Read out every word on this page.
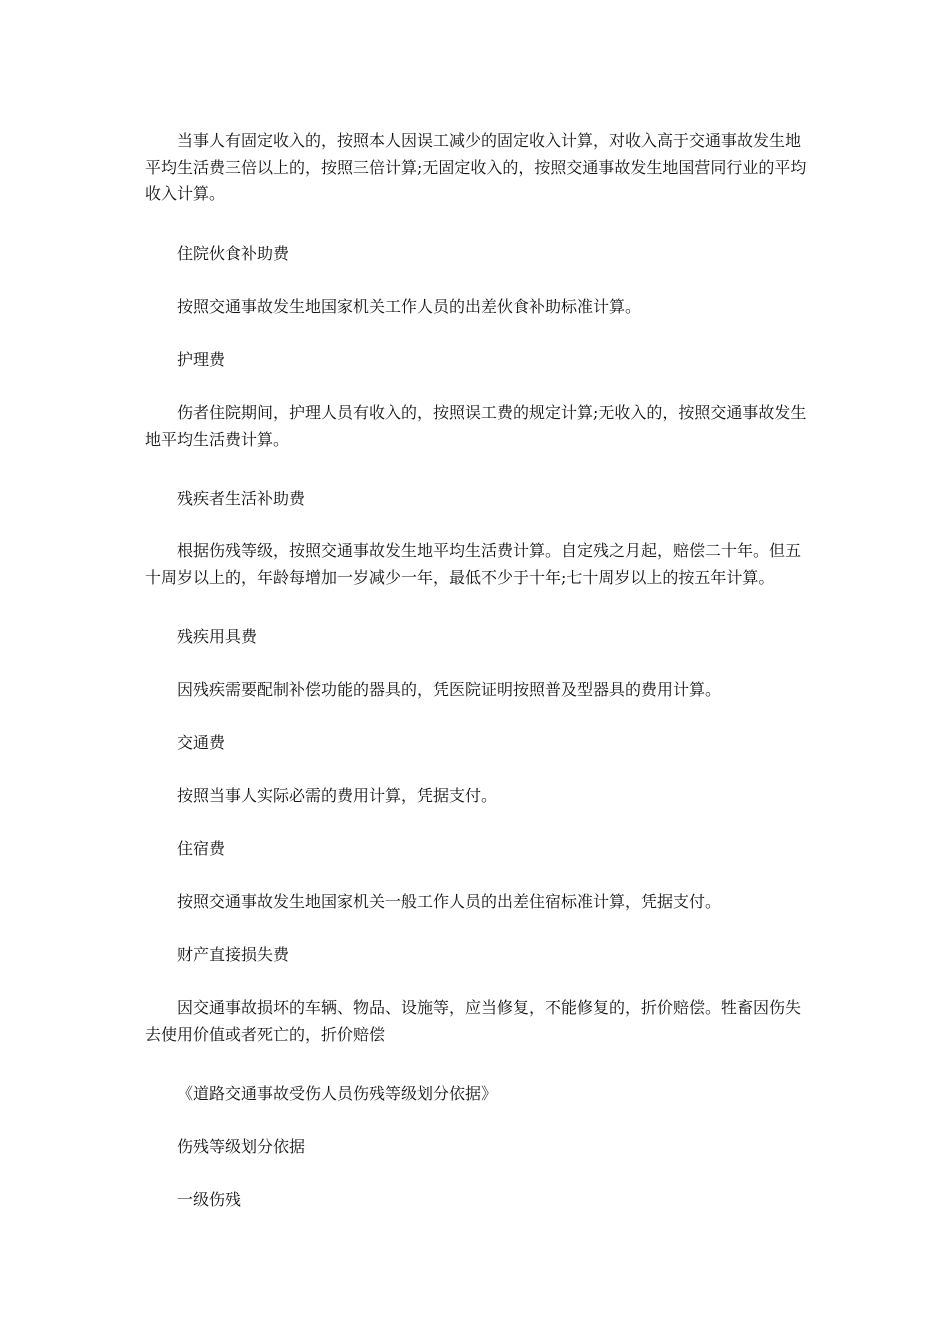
当事人有固定收入的，按照本人因误工减少的固定收入计算，对收入高于交通事故发生地平均生活费三倍以上的，按照三倍计算;无固定收入的，按照交通事故发生地国营同行业的平均收入计算。

住院伙食补助费

按照交通事故发生地国家机关工作人员的出差伙食补助标准计算。

护理费

伤者住院期间，护理人员有收入的，按照误工费的规定计算;无收入的，按照交通事故发生地平均生活费计算。

残疾者生活补助费

根据伤残等级，按照交通事故发生地平均生活费计算。自定残之月起，赔偿二十年。但五十周岁以上的，年龄每增加一岁减少一年，最低不少于十年;七十周岁以上的按五年计算。

残疾用具费

因残疾需要配制补偿功能的器具的，凭医院证明按照普及型器具的费用计算。

交通费

按照当事人实际必需的费用计算，凭据支付。

住宿费

按照交通事故发生地国家机关一般工作人员的出差住宿标准计算，凭据支付。

财产直接损失费

因交通事故损坏的车辆、物品、设施等，应当修复，不能修复的，折价赔偿。牲畜因伤失去使用价值或者死亡的，折价赔偿

《道路交通事故受伤人员伤残等级划分依据》

伤残等级划分依据

一级伤残
